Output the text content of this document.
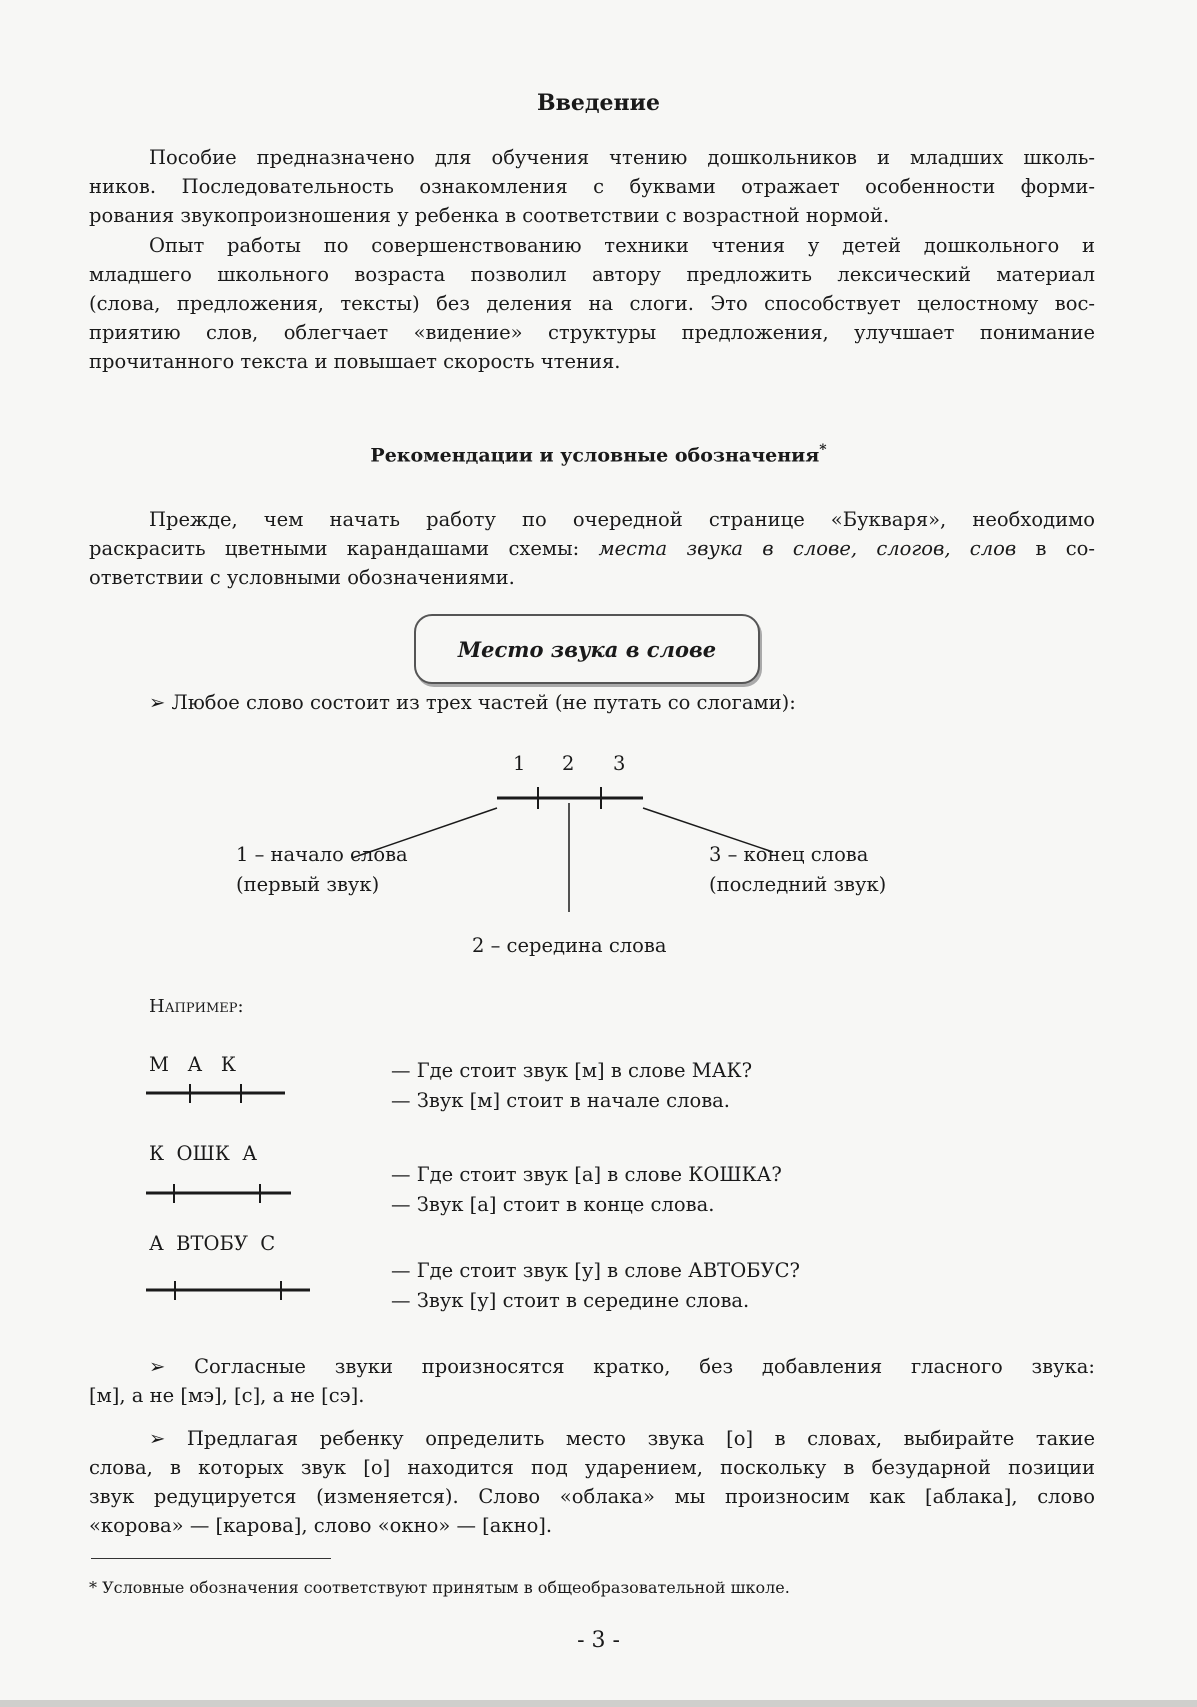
Введение
Пособие предназначено для обучения чтению дошкольников и младших школь-
ников. Последовательность ознакомления с буквами отражает особенности форми-
рования звукопроизношения у ребенка в соответствии с возрастной нормой.
Опыт работы по совершенствованию техники чтения у детей дошкольного и
младшего школьного возраста позволил автору предложить лексический материал
(слова, предложения, тексты) без деления на слоги. Это способствует целостному вос-
приятию слов, облегчает «видение» структуры предложения, улучшает понимание
прочитанного текста и повышает скорость чтения.
Рекомендации и условные обозначения*
Прежде, чем начать работу по очередной странице «Букваря», необходимо
раскрасить цветными карандашами схемы: места звука в слове, слогов, слов в со-
ответствии с условными обозначениями.
Место звука в слове
➢ Любое слово состоит из трех частей (не путать со слогами):
1 2 3
1 – начало слова
(первый звук)
3 – конец слова
(последний звук)
2 – середина слова
Например:
М   А   К	— Где стоит звук [м] в слове МАК?
— Звук [м] стоит в начале слова.
К  ОШК  А
— Где стоит звук [а] в слове КОШКА?
— Звук [а] стоит в конце слова.
А  ВТОБУ  С
— Где стоит звук [у] в слове АВТОБУС?
— Звук [у] стоит в середине слова.
➢ Согласные звуки произносятся кратко, без добавления гласного звука:
[м], а не [мэ], [с], а не [сэ].
➢ Предлагая ребенку определить место звука [о] в словах, выбирайте такие
слова, в которых звук [о] находится под ударением, поскольку в безударной позиции
звук редуцируется (изменяется). Слово «облака» мы произносим как [аблака], слово
«корова» — [карова], слово «окно» — [акно].
* Условные обозначения соответствуют принятым в общеобразовательной школе.
- 3 -
